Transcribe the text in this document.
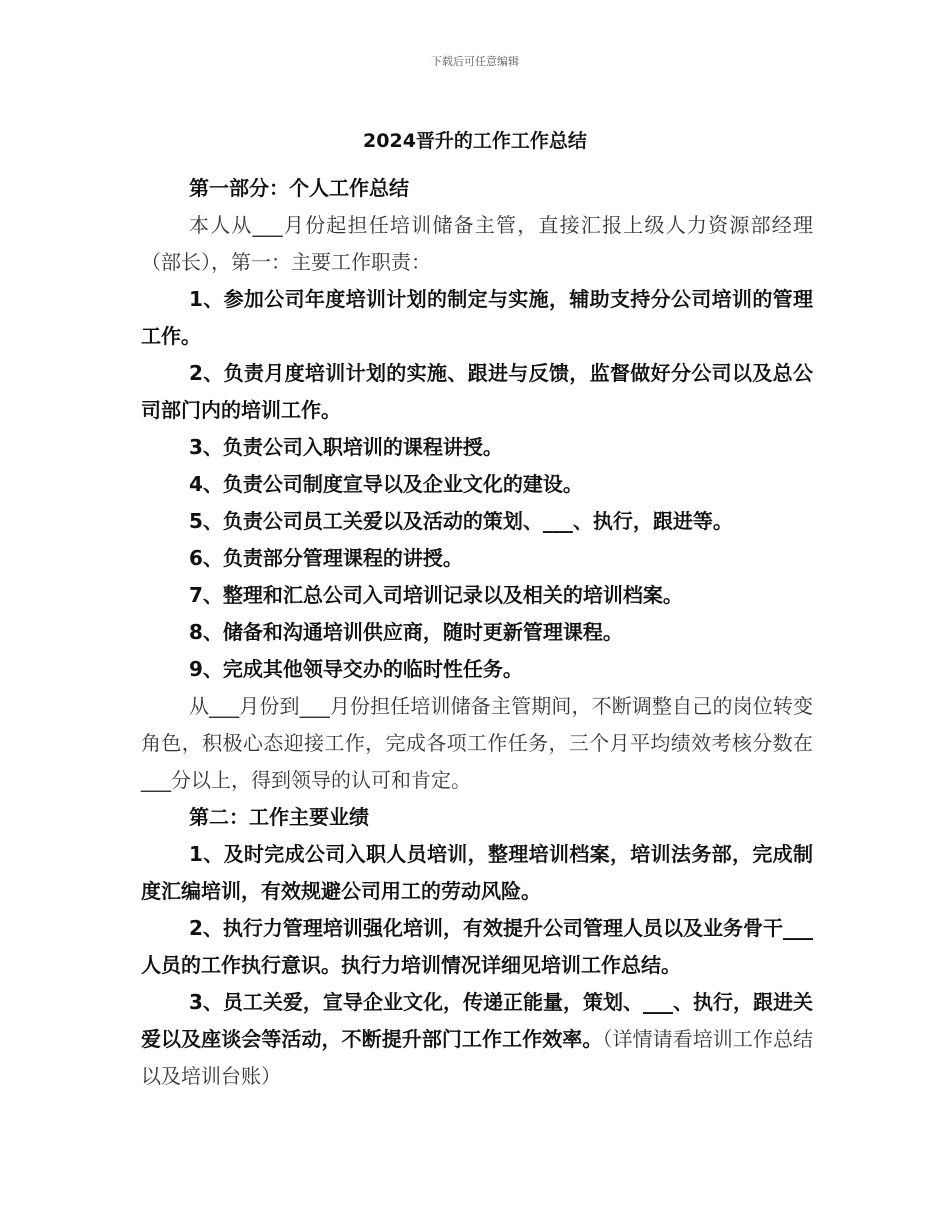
下载后可任意编辑
2024晋升的工作工作总结

第一部分：个人工作总结

本人从___月份起担任培训储备主管，直接汇报上级人力资源部经理（部长），第一：主要工作职责：

1、参加公司年度培训计划的制定与实施，辅助支持分公司培训的管理工作。

2、负责月度培训计划的实施、跟进与反馈，监督做好分公司以及总公司部门内的培训工作。

3、负责公司入职培训的课程讲授。

4、负责公司制度宣导以及企业文化的建设。

5、负责公司员工关爱以及活动的策划、___、执行，跟进等。

6、负责部分管理课程的讲授。

7、整理和汇总公司入司培训记录以及相关的培训档案。

8、储备和沟通培训供应商，随时更新管理课程。

9、完成其他领导交办的临时性任务。

从___月份到___月份担任培训储备主管期间，不断调整自己的岗位转变角色，积极心态迎接工作，完成各项工作任务，三个月平均绩效考核分数在___分以上，得到领导的认可和肯定。

第二：工作主要业绩

1、及时完成公司入职人员培训，整理培训档案，培训法务部，完成制度汇编培训，有效规避公司用工的劳动风险。

2、执行力管理培训强化培训，有效提升公司管理人员以及业务骨干___人员的工作执行意识。执行力培训情况详细见培训工作总结。

3、员工关爱，宣导企业文化，传递正能量，策划、___、执行，跟进关爱以及座谈会等活动，不断提升部门工作工作效率。（详情请看培训工作总结以及培训台账）
